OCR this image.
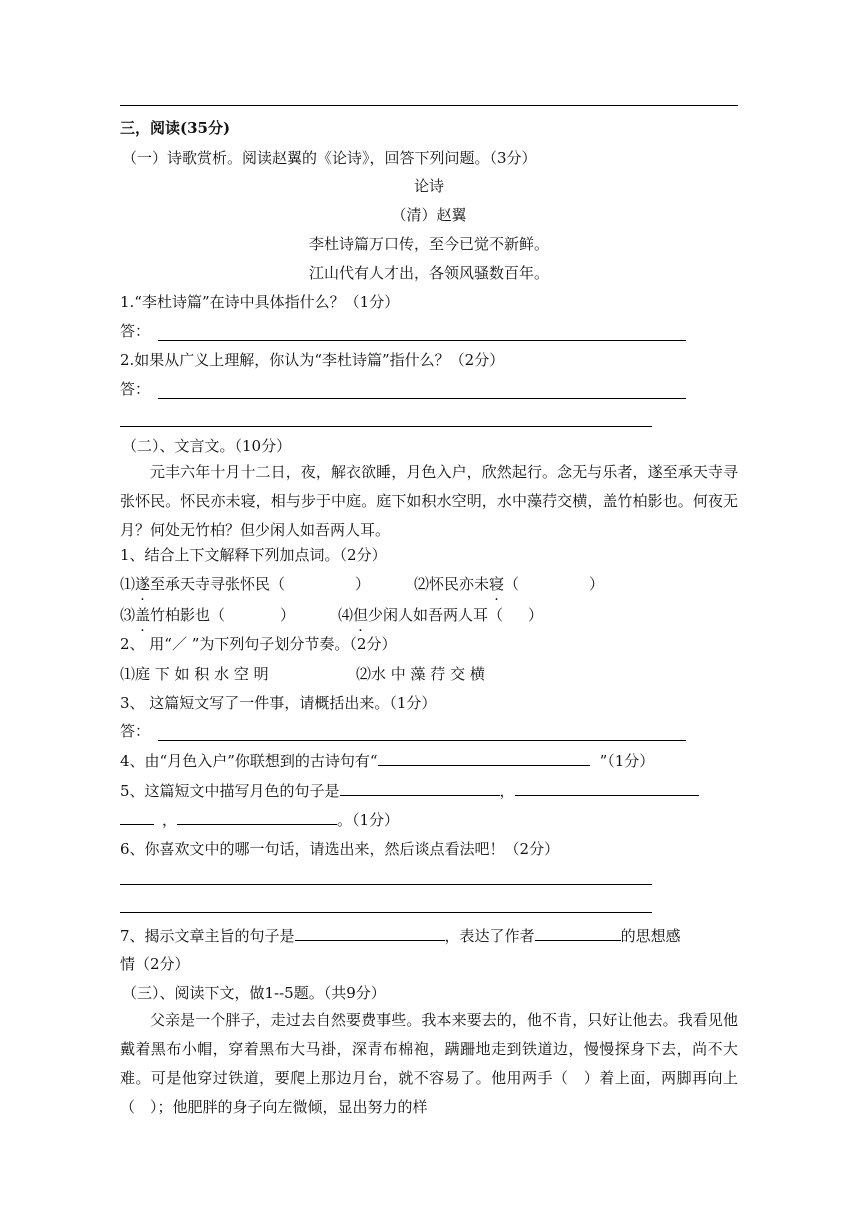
三，阅读(35分)
（一）诗歌赏析。阅读赵翼的《论诗》，回答下列问题。（3分）
论诗
（清）赵翼
李杜诗篇万口传，至今已觉不新鲜。
江山代有人才出，各领风骚数百年。
1.“李杜诗篇”在诗中具体指什么？（1分）
答：
2.如果从广义上理解，你认为“李杜诗篇”指什么？（2分）
答：
（二）、文言文。（10分）
元丰六年十月十二日，夜，解衣欲睡，月色入户，欣然起行。念无与乐者，遂至承天寺寻张怀民。怀民亦未寝，相与步于中庭。庭下如积水空明，水中藻荇交横，盖竹柏影也。何夜无月？何处无竹柏？但少闲人如吾两人耳。
1、结合上下文解释下列加点词。（2分）
⑴遂至承天寺寻张怀民（	）	⑵怀民亦未寝（	）
⑶盖竹柏影也（	）	⑷但少闲人如吾两人耳（ ）
2、 用“／ ”为下列句子划分节奏。（2分）
⑴庭 下 如 积 水 空 明	⑵水 中 藻 荇 交 横
3、 这篇短文写了一件事，请概括出来。（1分）
答：
4、由“月色入户”你联想到的古诗句有“	”（1分）
5、这篇短文中描写月色的句子是	，
，	。（1分）
6、你喜欢文中的哪一句话，请选出来，然后谈点看法吧！（2分）
7、揭示文章主旨的句子是	，表达了作者	的思想感
情（2分）
（三）、阅读下文，做1--5题。（共9分）
父亲是一个胖子，走过去自然要费事些。我本来要去的，他不肯，只好让他去。我看见他戴着黑布小帽，穿着黑布大马褂，深青布棉袍，蹒跚地走到铁道边，慢慢探身下去，尚不大难。可是他穿过铁道，要爬上那边月台，就不容易了。他用两手（　）着上面，两脚再向上（　）；他肥胖的身子向左微倾，显出努力的样
